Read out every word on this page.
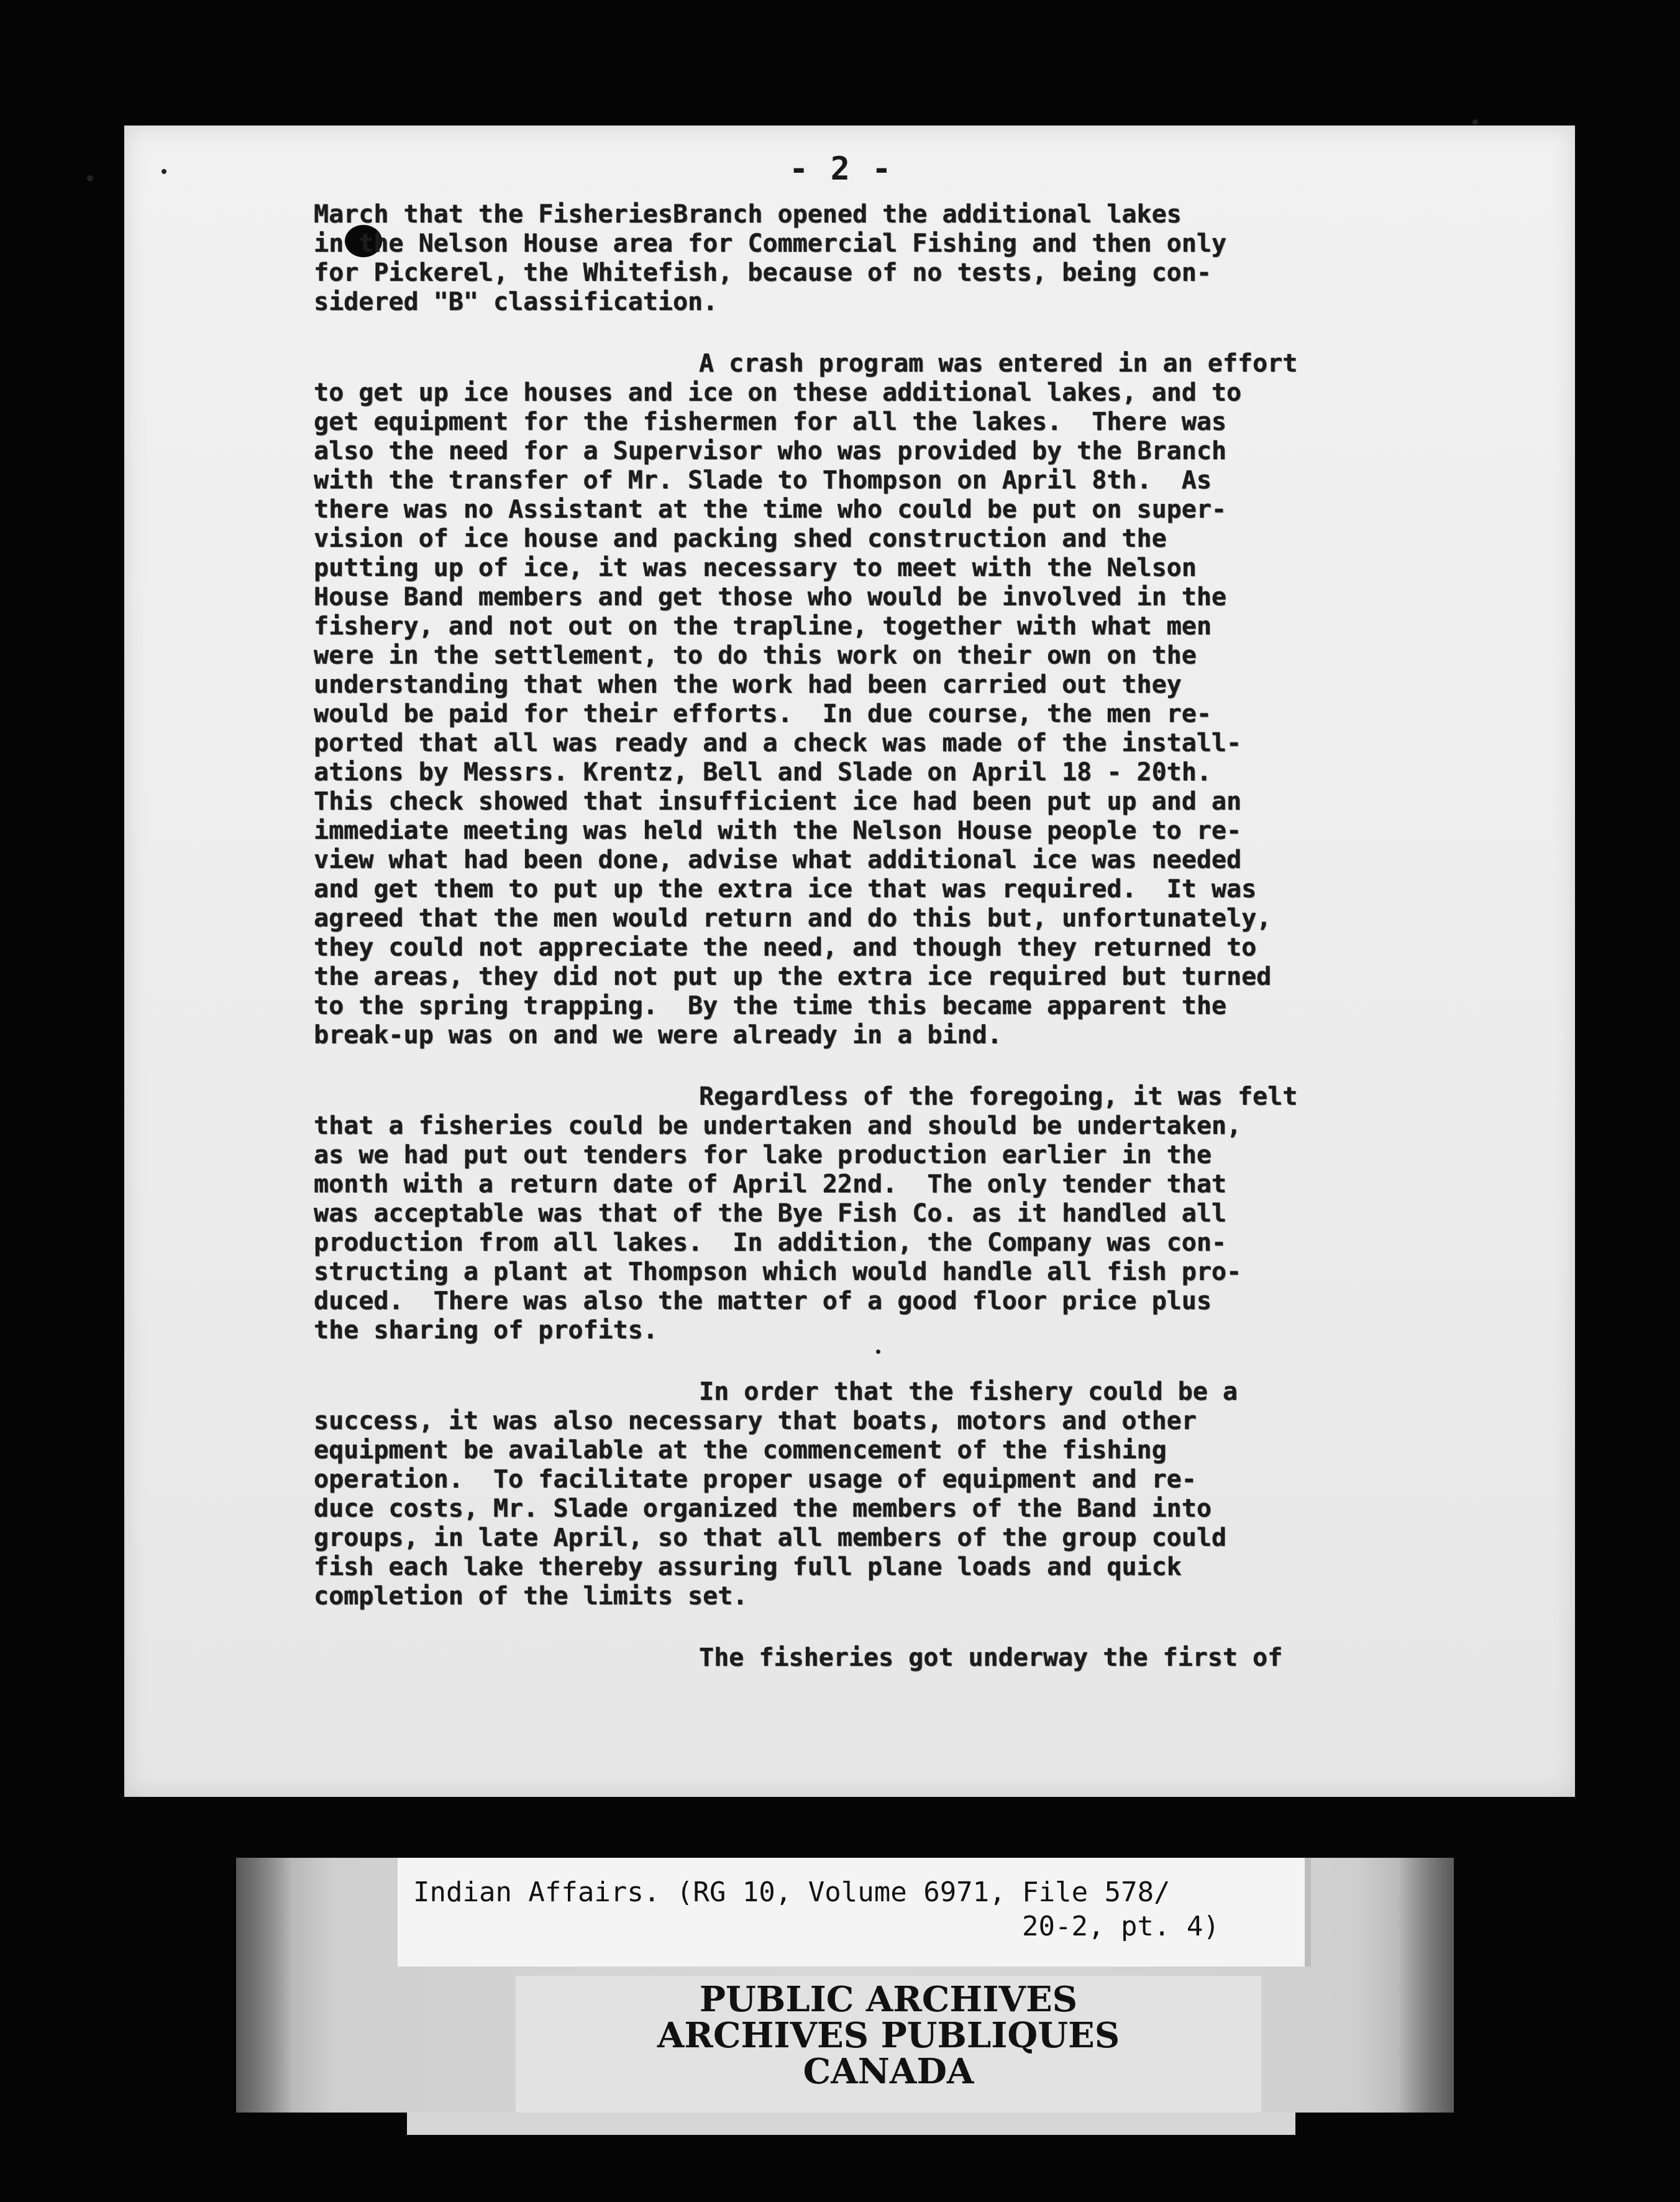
- 2 -
March that the FisheriesBranch opened the additional lakes
in the Nelson House area for Commercial Fishing and then only
for Pickerel, the Whitefish, because of no tests, being con-
sidered "B" classification.
A crash program was entered in an effort
to get up ice houses and ice on these additional lakes, and to
get equipment for the fishermen for all the lakes.  There was
also the need for a Supervisor who was provided by the Branch
with the transfer of Mr. Slade to Thompson on April 8th.  As
there was no Assistant at the time who could be put on super-
vision of ice house and packing shed construction and the
putting up of ice, it was necessary to meet with the Nelson
House Band members and get those who would be involved in the
fishery, and not out on the trapline, together with what men
were in the settlement, to do this work on their own on the
understanding that when the work had been carried out they
would be paid for their efforts.  In due course, the men re-
ported that all was ready and a check was made of the install-
ations by Messrs. Krentz, Bell and Slade on April 18 - 20th.
This check showed that insufficient ice had been put up and an
immediate meeting was held with the Nelson House people to re-
view what had been done, advise what additional ice was needed
and get them to put up the extra ice that was required.  It was
agreed that the men would return and do this but, unfortunately,
they could not appreciate the need, and though they returned to
the areas, they did not put up the extra ice required but turned
to the spring trapping.  By the time this became apparent the
break-up was on and we were already in a bind.
Regardless of the foregoing, it was felt
that a fisheries could be undertaken and should be undertaken,
as we had put out tenders for lake production earlier in the
month with a return date of April 22nd.  The only tender that
was acceptable was that of the Bye Fish Co. as it handled all
production from all lakes.  In addition, the Company was con-
structing a plant at Thompson which would handle all fish pro-
duced.  There was also the matter of a good floor price plus
the sharing of profits.
In order that the fishery could be a
success, it was also necessary that boats, motors and other
equipment be available at the commencement of the fishing
operation.  To facilitate proper usage of equipment and re-
duce costs, Mr. Slade organized the members of the Band into
groups, in late April, so that all members of the group could
fish each lake thereby assuring full plane loads and quick
completion of the limits set.
The fisheries got underway the first of
Indian Affairs. (RG 10, Volume 6971, File 578/
20-2, pt. 4)
PUBLIC ARCHIVES
ARCHIVES PUBLIQUES
CANADA
